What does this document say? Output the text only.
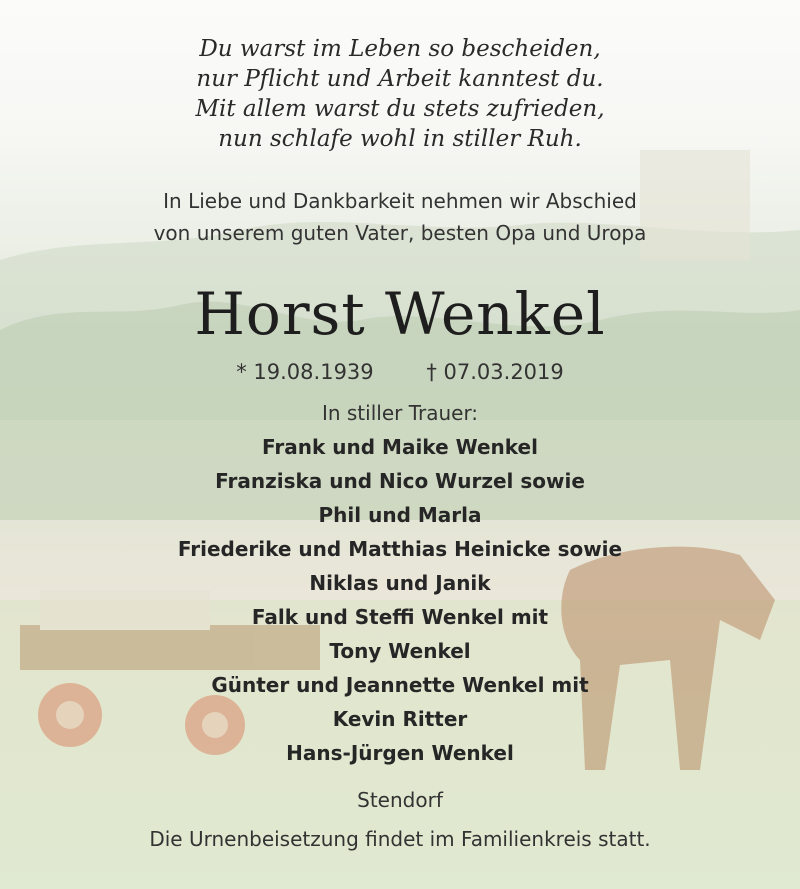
Du warst im Leben so bescheiden,
nur Pflicht und Arbeit kanntest du.
Mit allem warst du stets zufrieden,
nun schlafe wohl in stiller Ruh.
In Liebe und Dankbarkeit nehmen wir Abschied
von unserem guten Vater, besten Opa und Uropa
Horst Wenkel
* 19.08.1939	† 07.03.2019
In stiller Trauer:
Frank und Maike Wenkel
Franziska und Nico Wurzel sowie
Phil und Marla
Friederike und Matthias Heinicke sowie
Niklas und Janik
Falk und Steffi Wenkel mit
Tony Wenkel
Günter und Jeannette Wenkel mit
Kevin Ritter
Hans-Jürgen Wenkel
Stendorf
Die Urnenbeisetzung findet im Familienkreis statt.
